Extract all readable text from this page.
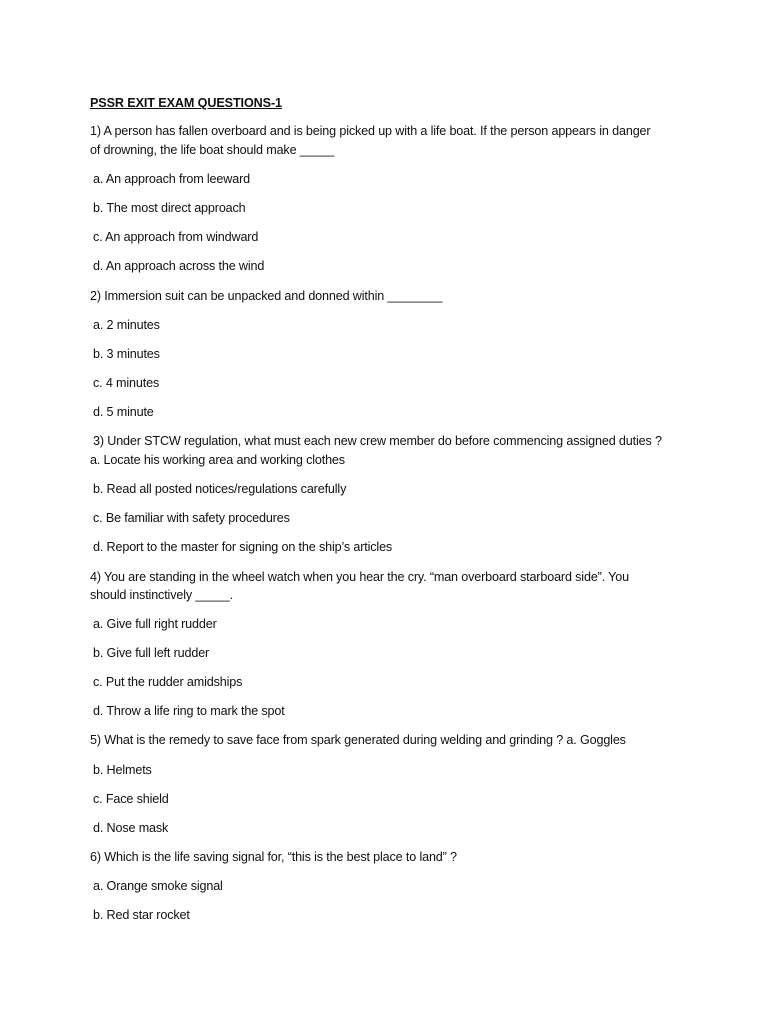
PSSR EXIT EXAM QUESTIONS-1
1) A person has fallen overboard and is being picked up with a life boat. If the person appears in danger
of drowning, the life boat should make _____
a. An approach from leeward
b. The most direct approach
c. An approach from windward
d. An approach across the wind
2) Immersion suit can be unpacked and donned within ________
a. 2 minutes
b. 3 minutes
c. 4 minutes
d. 5 minute
3) Under STCW regulation, what must each new crew member do before commencing assigned duties ?
a. Locate his working area and working clothes
b. Read all posted notices/regulations carefully
c. Be familiar with safety procedures
d. Report to the master for signing on the ship’s articles
4) You are standing in the wheel watch when you hear the cry. “man overboard starboard side”. You
should instinctively _____.
a. Give full right rudder
b. Give full left rudder
c. Put the rudder amidships
d. Throw a life ring to mark the spot
5) What is the remedy to save face from spark generated during welding and grinding ? a. Goggles
b. Helmets
c. Face shield
d. Nose mask
6) Which is the life saving signal for, “this is the best place to land” ?
a. Orange smoke signal
b. Red star rocket
